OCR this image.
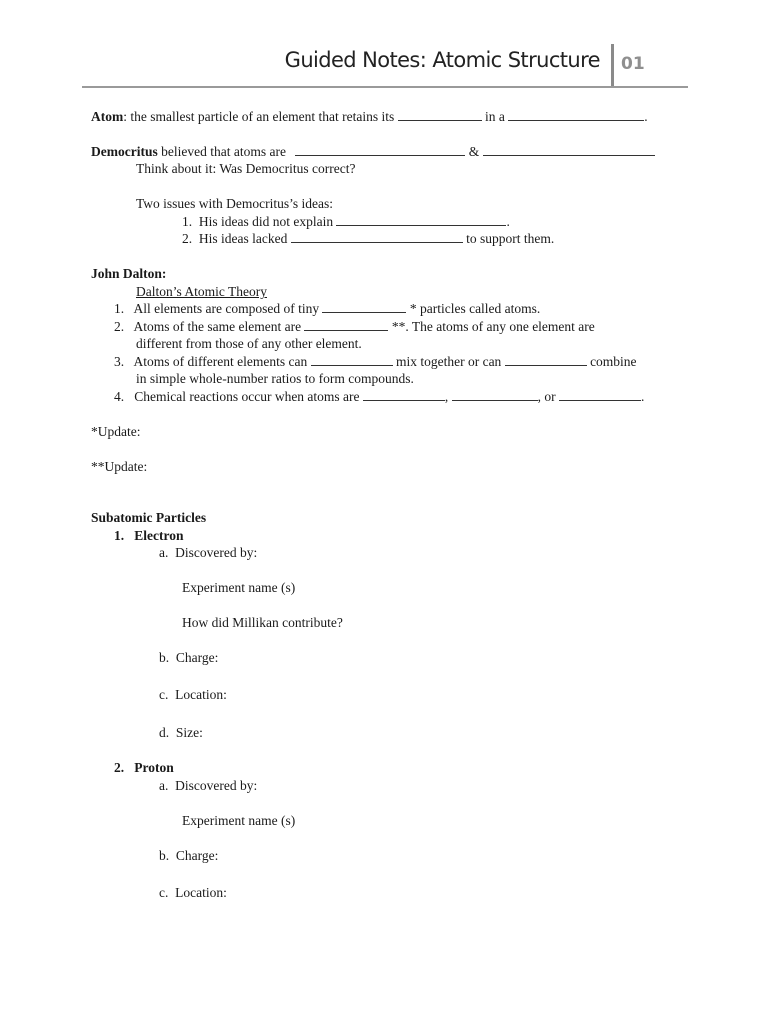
Guided Notes: Atomic Structure 01
Atom: the smallest particle of an element that retains its	in a	.
Democritus believed that atoms are	&
Think about it: Was Democritus correct?
Two issues with Democritus’s ideas:
1. His ideas did not explain	.
2. His ideas lacked	to support them.
John Dalton:
Dalton’s Atomic Theory
1. All elements are composed of tiny	* particles called atoms.
2. Atoms of the same element are	**. The atoms of any one element are
different from those of any other element.
3. Atoms of different elements can	mix together or can	combine
in simple whole-number ratios to form compounds.
4. Chemical reactions occur when atoms are	,	, or	.
*Update:
**Update:
Subatomic Particles
1. Electron
a. Discovered by:
Experiment name (s)
How did Millikan contribute?
b. Charge:
c. Location:
d. Size:
2. Proton
a. Discovered by:
Experiment name (s)
b. Charge:
c. Location:
